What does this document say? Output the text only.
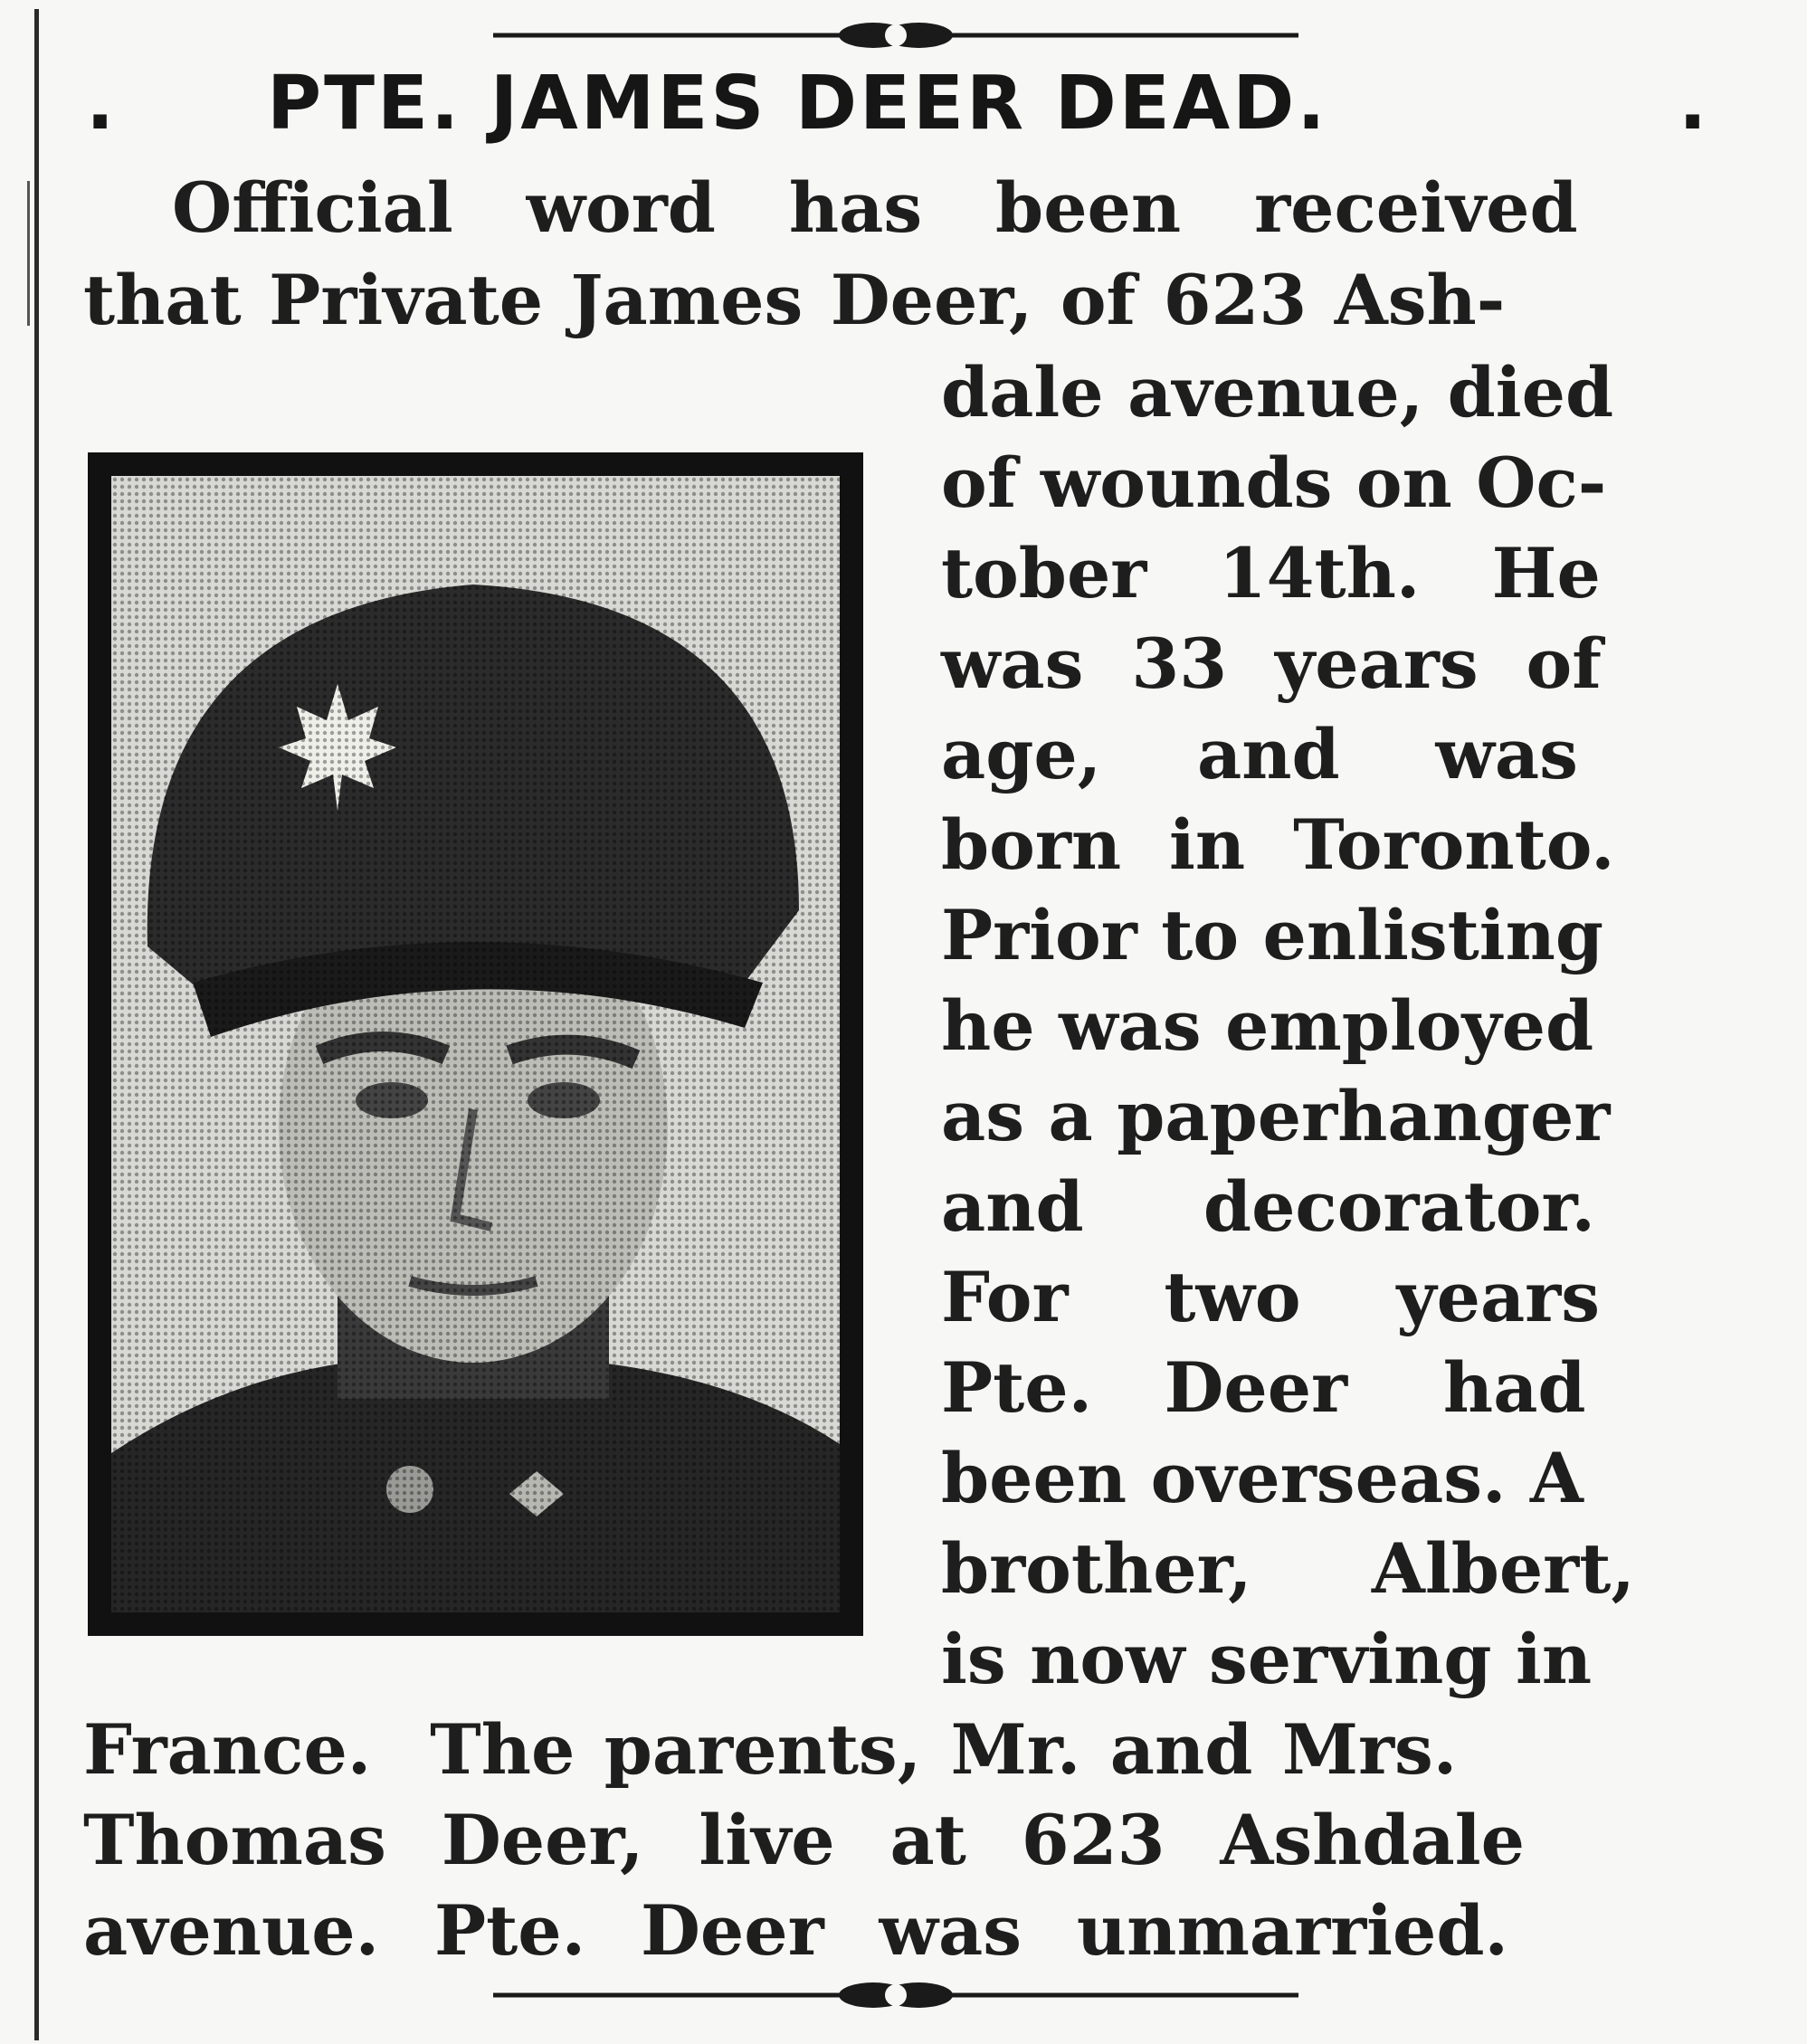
. PTE. JAMES DEER DEAD.	.
Official  word  has  been  received
that Private James Deer, of 623 Ash-
dale avenue, died
of wounds on Oc-
tober   14th.   He
was  33  years  of
age,    and    was
born  in  Toronto.
Prior to enlisting
he was employed
as a paperhanger
and     decorator.
For    two    years
Pte.   Deer    had
been overseas. A
brother,     Albert,
is now serving in
France.  The parents, Mr. and Mrs.
Thomas  Deer,  live  at  623  Ashdale
avenue.  Pte.  Deer  was  unmarried.
